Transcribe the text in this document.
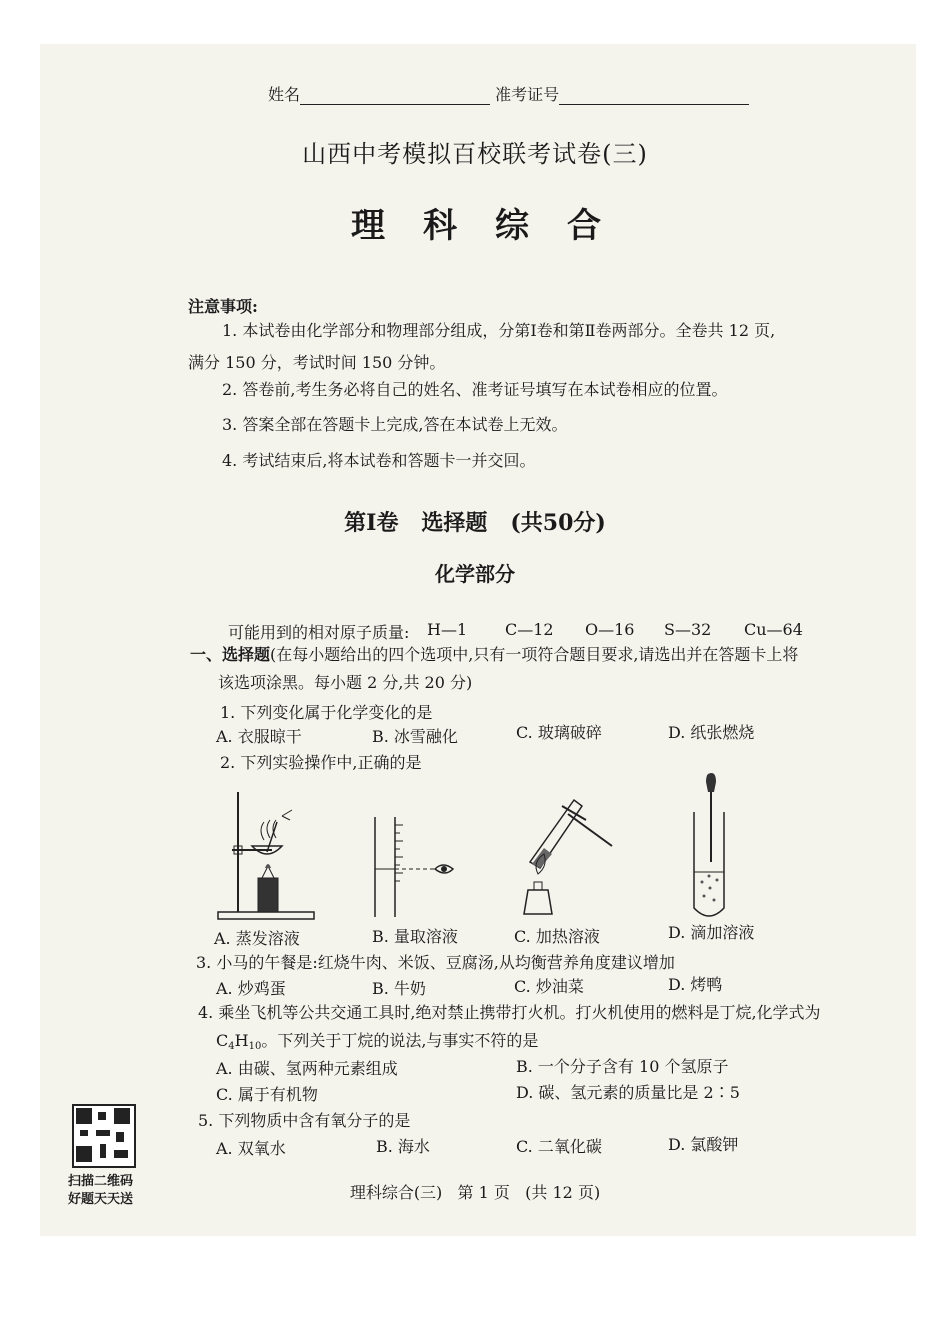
姓名	准考证号
山西中考模拟百校联考试卷(三)
理科综合
注意事项:
1. 本试卷由化学部分和物理部分组成，分第Ⅰ卷和第Ⅱ卷两部分。全卷共 12 页,
满分 150 分，考试时间 150 分钟。
2. 答卷前,考生务必将自己的姓名、准考证号填写在本试卷相应的位置。
3. 答案全部在答题卡上完成,答在本试卷上无效。
4. 考试结束后,将本试卷和答题卡一并交回。
第Ⅰ卷   选择题   (共50分)
化学部分
可能用到的相对原子质量: H—1 C—12 O—16 S—32 Cu—64
一、选择题(在每小题给出的四个选项中,只有一项符合题目要求,请选出并在答题卡上将
该选项涂黑。每小题 2 分,共 20 分)
1. 下列变化属于化学变化的是
A. 衣服晾干	B. 冰雪融化	C. 玻璃破碎	D. 纸张燃烧
2. 下列实验操作中,正确的是
A. 蒸发溶液	B. 量取溶液	C. 加热溶液	D. 滴加溶液
3. 小马的午餐是:红烧牛肉、米饭、豆腐汤,从均衡营养角度建议增加
A. 炒鸡蛋	B. 牛奶	C. 炒油菜	D. 烤鸭
4. 乘坐飞机等公共交通工具时,绝对禁止携带打火机。打火机使用的燃料是丁烷,化学式为
$C_4H_{10}$。下列关于丁烷的说法,与事实不符的是
A. 由碳、氢两种元素组成	B. 一个分子含有 10 个氢原子
C. 属于有机物	D. 碳、氢元素的质量比是 2∶5
5. 下列物质中含有氧分子的是
A. 双氧水	B. 海水	C. 二氧化碳	D. 氯酸钾
扫描二维码
好题天天送	理科综合(三)   第 1 页   (共 12 页)
